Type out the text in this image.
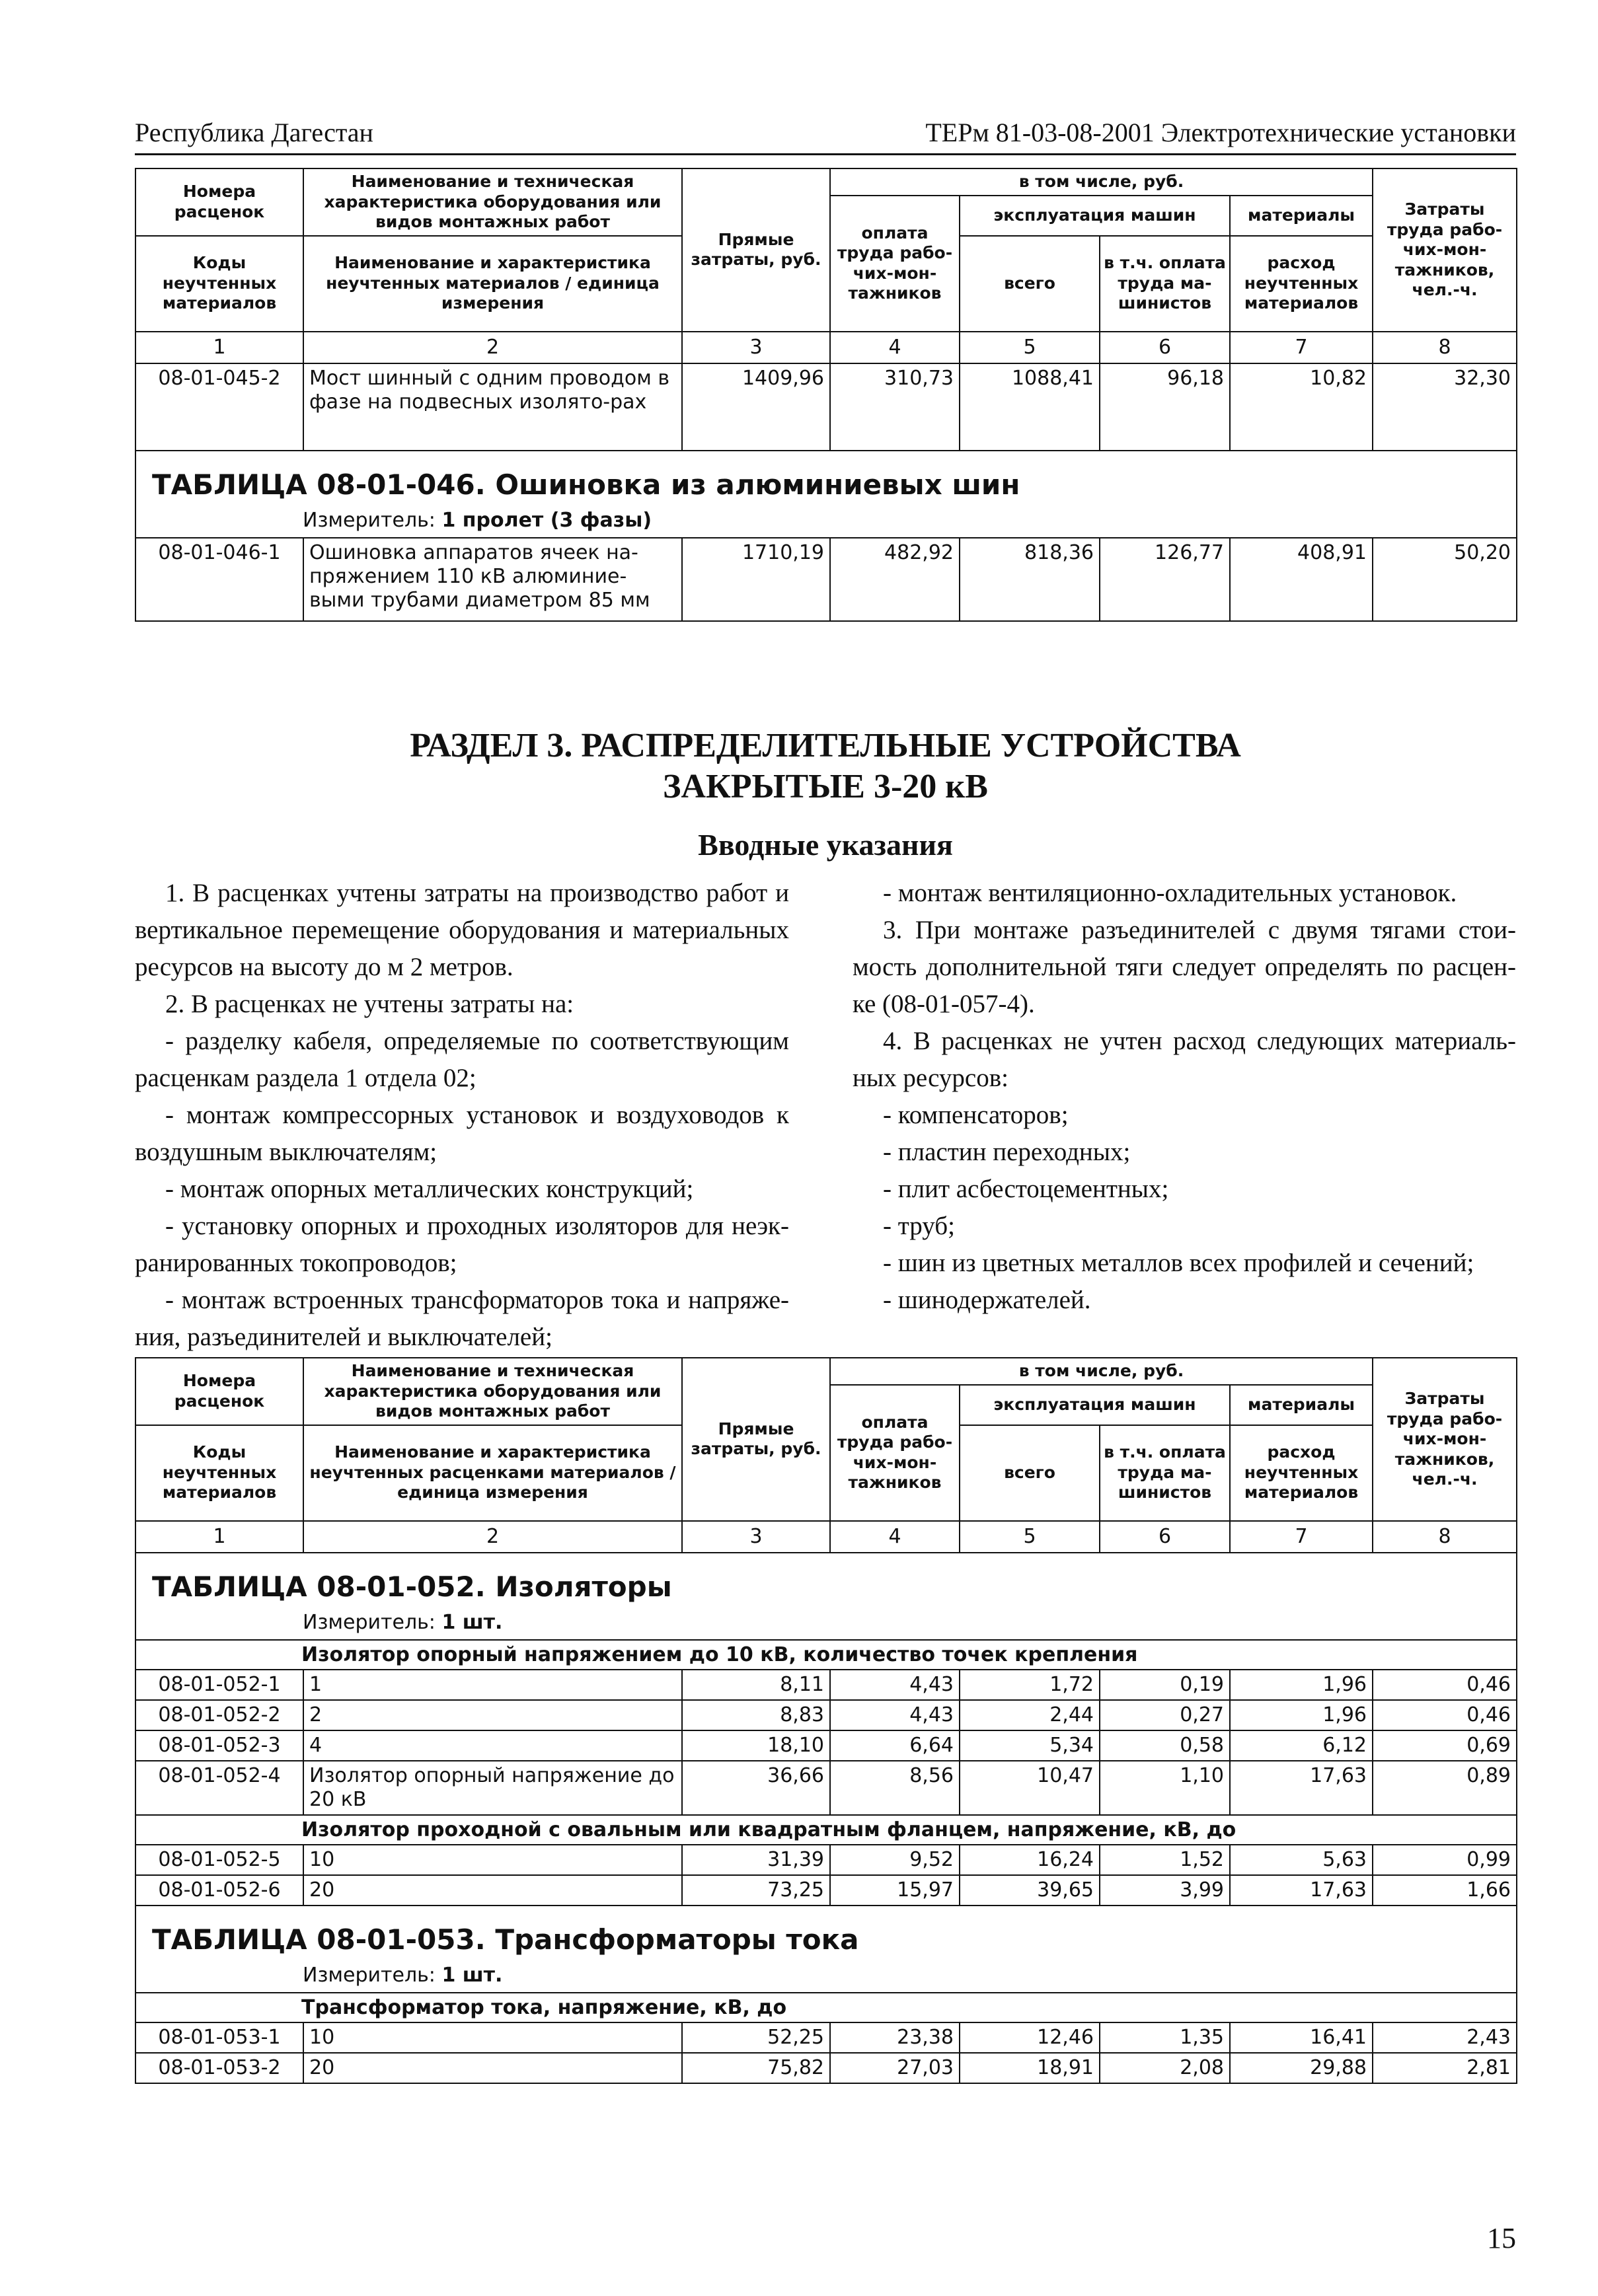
Республика Дагестан	ТЕРм 81-03-08-2001 Электротехнические установки
Номера расценок	Наименование и техническая характеристика оборудования или видов монтажных работ	Прямые затраты, руб.	в том числе, руб.				Затраты труда рабо-чих-мон-тажников, чел.-ч.
			оплата труда рабо-чих-мон-тажников	эксплуатация машин		материалы	
Коды неучтенных материалов	Наименование и характеристика неучтенных материалов / единица измерения			всего	в т.ч. оплата труда ма-шинистов	расход неучтенных материалов	

1	2	3	4	5	6	7	8
08-01-045-2	Мост шинный с одним проводом в фазе на подвесных изолято-рах	1409,96	310,73	1088,41	96,18	10,82	32,30

ТАБЛИЦА 08-01-046. Ошиновка из алюминиевых шин
Измеритель: 1 пролет (3 фазы)							

08-01-046-1	Ошиновка аппаратов ячеек на-пряжением 110 кВ алюминие-выми трубами диаметром 85 мм	1710,19	482,92	818,36	126,77	408,91	50,20
РАЗДЕЛ 3. РАСПРЕДЕЛИТЕЛЬНЫЕ УСТРОЙСТВА
ЗАКРЫТЫЕ 3-20 кВ
Вводные указания

1. В расценках учтены затраты на производство работ и вертикальное перемещение оборудования и материальных ресурсов на высоту до м 2 метров.

2. В расценках не учтены затраты на:

- разделку кабеля, определяемые по соответствующим расценкам раздела 1 отдела 02;

- монтаж компрессорных установок и воздуховодов к воздушным выключателям;

- монтаж опорных металлических конструкций;

- установку опорных и проходных изоляторов для неэк-ранированных токопроводов;

- монтаж встроенных трансформаторов тока и напряже-ния, разъединителей и выключателей;

- монтаж вентиляционно-охладительных установок.

3. При монтаже разъединителей с двумя тягами стои-мость дополнительной тяги следует определять по расцен-ке (08-01-057-4).

4. В расценках не учтен расход следующих материаль-ных ресурсов:

- компенсаторов;

- пластин переходных;

- плит асбестоцементных;

- труб;

- шин из цветных металлов всех профилей и сечений;

- шинодержателей.

Номера расценок	Наименование и техническая характеристика оборудования или видов монтажных работ	Прямые затраты, руб.	в том числе, руб.				Затраты труда рабо-чих-мон-тажников, чел.-ч.
			оплата труда рабо-чих-мон-тажников	эксплуатация машин		материалы	
Коды неучтенных материалов	Наименование и характеристика неучтенных расценками материалов / единица измерения			всего	в т.ч. оплата труда ма-шинистов	расход неучтенных материалов	

1	2	3	4	5	6	7	8

ТАБЛИЦА 08-01-052. Изоляторы
Измеритель: 1 шт.							

Изолятор опорный напряжением до 10 кВ, количество точек крепления							
08-01-052-1	1	8,11	4,43	1,72	0,19	1,96	0,46
08-01-052-2	2	8,83	4,43	2,44	0,27	1,96	0,46
08-01-052-3	4	18,10	6,64	5,34	0,58	6,12	0,69
08-01-052-4	Изолятор опорный напряжение до 20 кВ	36,66	8,56	10,47	1,10	17,63	0,89
Изолятор проходной с овальным или квадратным фланцем, напряжение, кВ, до							
08-01-052-5	10	31,39	9,52	16,24	1,52	5,63	0,99
08-01-052-6	20	73,25	15,97	39,65	3,99	17,63	1,66

ТАБЛИЦА 08-01-053. Трансформаторы тока
Измеритель: 1 шт.							

Трансформатор тока, напряжение, кВ, до							
08-01-053-1	10	52,25	23,38	12,46	1,35	16,41	2,43
08-01-053-2	20	75,82	27,03	18,91	2,08	29,88	2,81
15
